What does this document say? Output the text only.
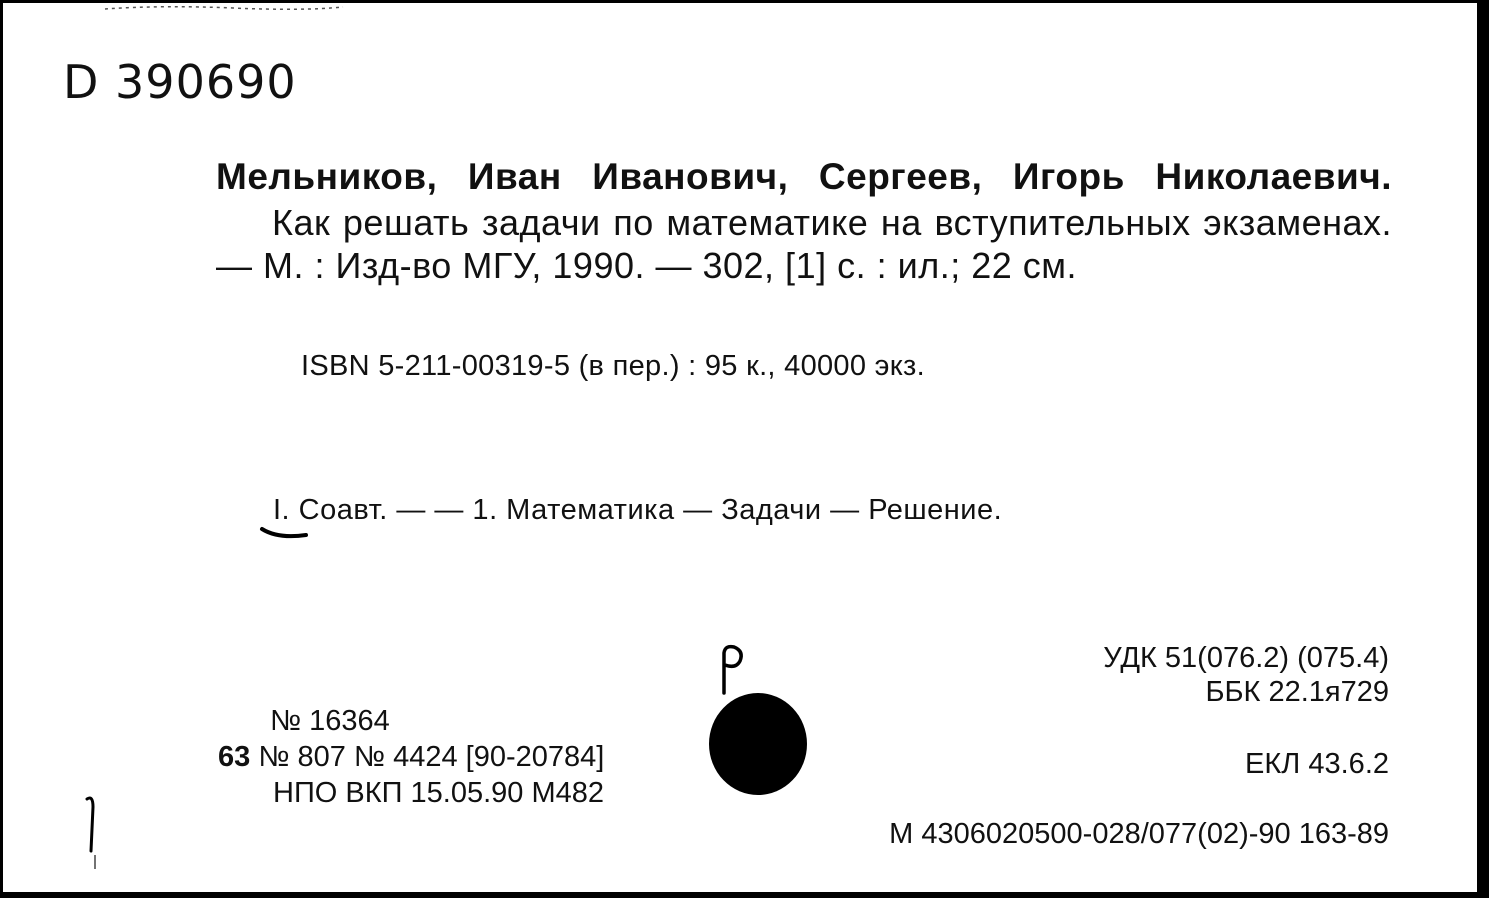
D 390690
Мельников, Иван Иванович, Сергеев, Игорь Николаевич.

Как решать задачи по математике на вступительных экзаменах. — М. : Изд-во МГУ, 1990. — 302, [1] с. : ил.; 22 см.

ISBN 5-211-00319-5 (в пер.) : 95 к., 40000 экз.
I. Соавт. — — 1. Математика — Задачи — Решение.
№ 16364
63 № 807 № 4424 [90-20784]
НПО ВКП 15.05.90 М482
УДК 51(076.2) (075.4)
ББК 22.1я729
ЕКЛ 43.6.2
М 4306020500-028/077(02)-90 163-89
